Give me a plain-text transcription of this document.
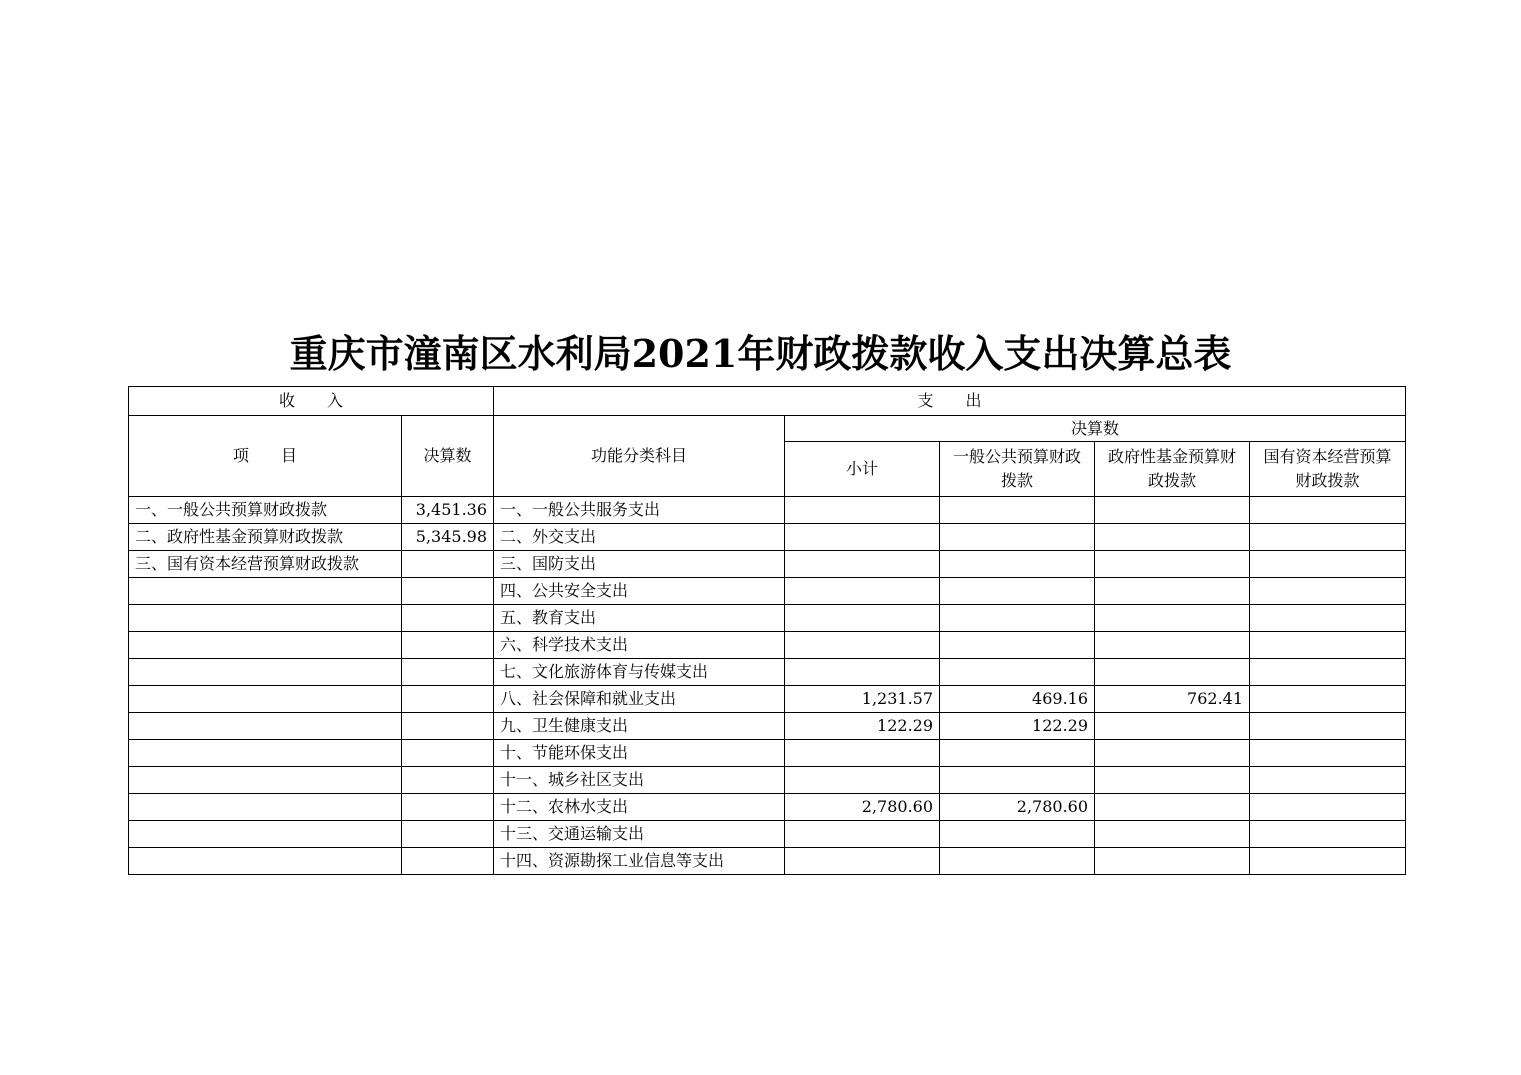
重庆市潼南区水利局2021年财政拨款收入支出决算总表
收　　入		支　　出				
项　　目	决算数	功能分类科目	决算数			
			小计	一般公共预算财政拨款	政府性基金预算财政拨款	国有资本经营预算财政拨款
一、一般公共预算财政拨款	3,451.36	一、一般公共服务支出				
二、政府性基金预算财政拨款	5,345.98	二、外交支出				
三、国有资本经营预算财政拨款		三、国防支出				
		四、公共安全支出				
		五、教育支出				
		六、科学技术支出				
		七、文化旅游体育与传媒支出				
		八、社会保障和就业支出	1,231.57	469.16	762.41	
		九、卫生健康支出	122.29	122.29		
		十、节能环保支出				
		十一、城乡社区支出				
		十二、农林水支出	2,780.60	2,780.60		
		十三、交通运输支出				
		十四、资源勘探工业信息等支出				
